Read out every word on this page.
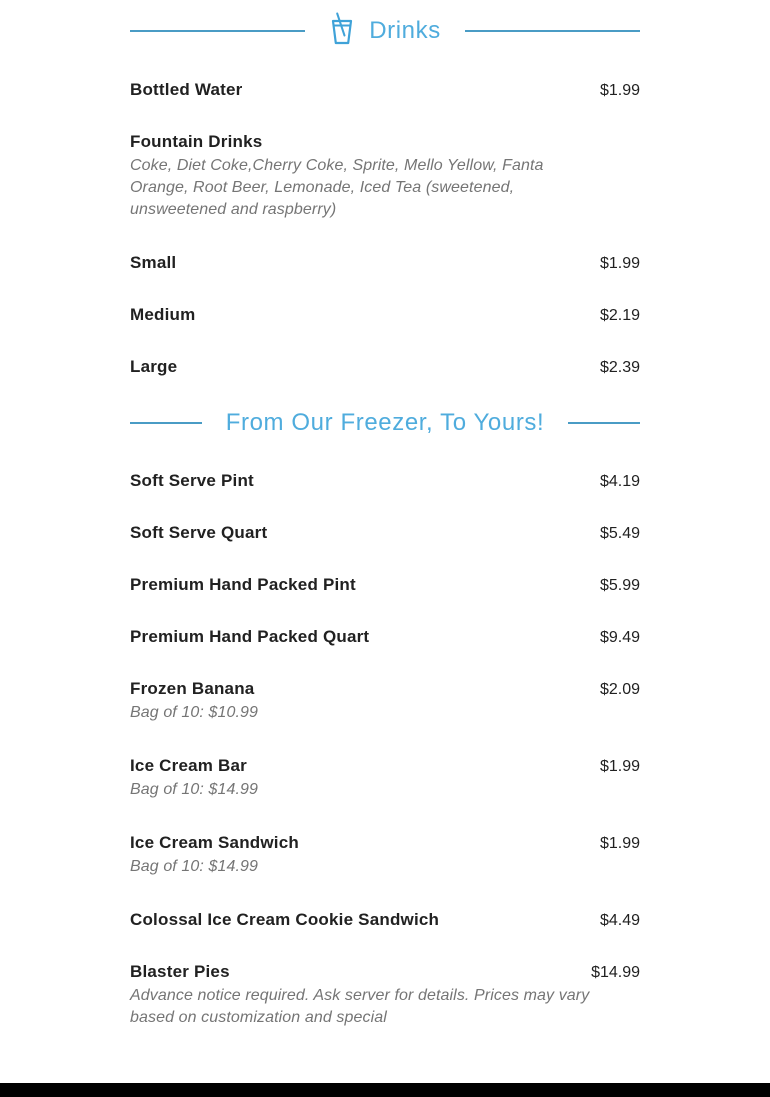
Drinks
Bottled Water	$1.99
Fountain Drinks
Coke, Diet Coke,Cherry Coke, Sprite, Mello Yellow, Fanta Orange, Root Beer, Lemonade, Iced Tea (sweetened, unsweetened and raspberry)
Small	$1.99
Medium	$2.19
Large	$2.39
From Our Freezer, To Yours!
Soft Serve Pint	$4.19
Soft Serve Quart	$5.49
Premium Hand Packed Pint	$5.99
Premium Hand Packed Quart	$9.49
Frozen Banana	$2.09
Bag of 10: $10.99
Ice Cream Bar	$1.99
Bag of 10: $14.99
Ice Cream Sandwich	$1.99
Bag of 10: $14.99
Colossal Ice Cream Cookie Sandwich	$4.49
Blaster Pies	$14.99
Advance notice required. Ask server for details. Prices may vary based on customization and special
